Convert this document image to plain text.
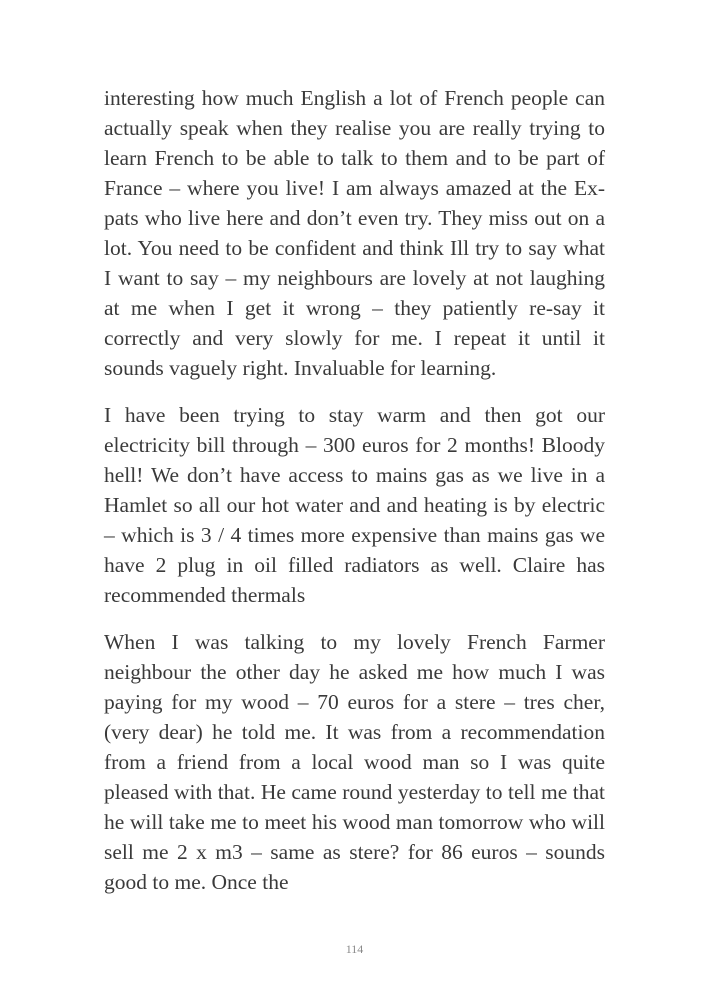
interesting how much English a lot of French people can actually speak when they realise you are really trying to learn French to be able to talk to them and to be part of France – where you live! I am always amazed at the Ex-pats who live here and don’t even try. They miss out on a lot. You need to be confident and think Ill try to say what I want to say – my neighbours are lovely at not laughing at me when I get it wrong – they patiently re-say it correctly and very slowly for me. I repeat it until it sounds vaguely right. Invaluable for learning.

I have been trying to stay warm and then got our electricity bill through – 300 euros for 2 months! Bloody hell! We don’t have access to mains gas as we live in a Hamlet so all our hot water and and heating is by electric – which is 3 / 4 times more expensive than mains gas we have 2 plug in oil filled radiators as well. Claire has recommended thermals

When I was talking to my lovely French Farmer neighbour the other day he asked me how much I was paying for my wood – 70 euros for a stere – tres cher, (very dear) he told me. It was from a recommendation from a friend from a local wood man so I was quite pleased with that. He came round yesterday to tell me that he will take me to meet his wood man tomorrow who will sell me 2 x m3 – same as stere? for 86 euros – sounds good to me. Once the

114
